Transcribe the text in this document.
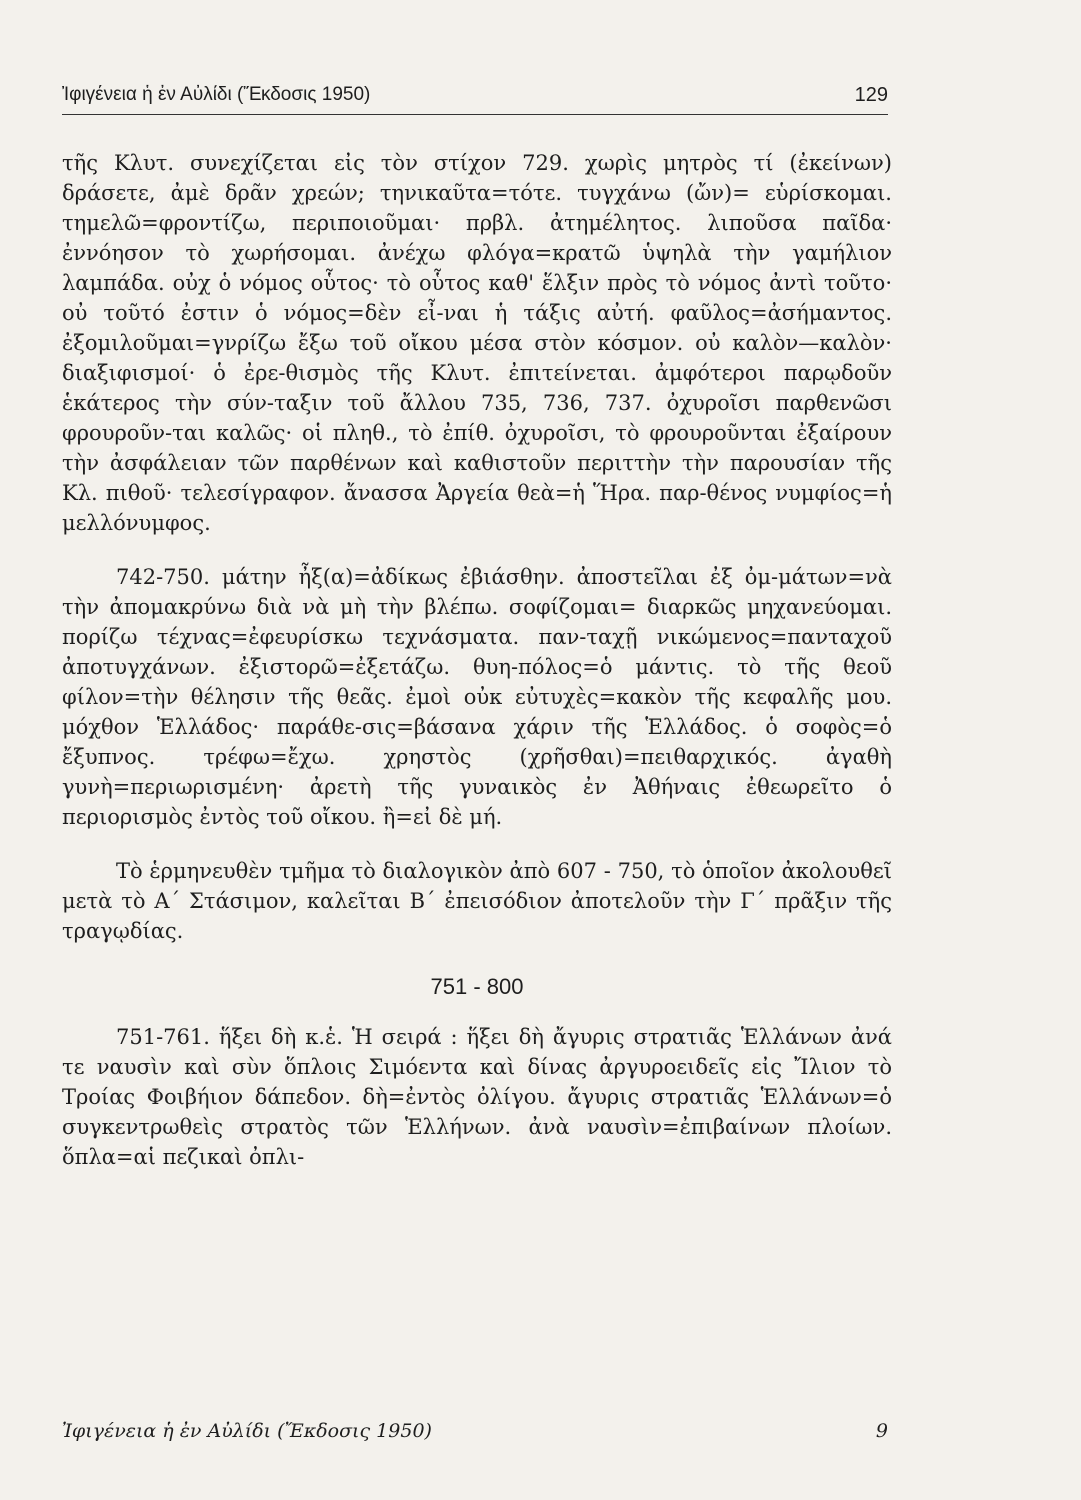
Ἰφιγένεια ἡ ἐν Αὐλίδι (Ἔκδοσις 1950)	129

τῆς Κλυτ. συνεχίζεται εἰς τὸν στίχον 729. χωρὶς μητρὸς τί (ἐκείνων) δράσετε, ἀμὲ δρᾶν χρεών; τηνικαῦτα=τότε. τυγχάνω (ὤν)= εὑρίσκομαι. τημελῶ=φροντίζω, περιποιοῦμαι· πρβλ. ἀτημέλητος. λιποῦσα παῖδα· ἐννόησον τὸ χωρήσομαι. ἀνέχω φλόγα=κρατῶ ὑψηλὰ τὴν γαμήλιον λαμπάδα. οὐχ ὁ νόμος οὗτος· τὸ οὗτος καθ' ἕλξιν πρὸς τὸ νόμος ἀντὶ τοῦτο· οὐ τοῦτό ἐστιν ὁ νόμος=δὲν εἶ-ναι ἡ τάξις αὐτή. φαῦλος=ἀσήμαντος. ἐξομιλοῦμαι=γνρίζω ἔξω τοῦ οἴκου μέσα στὸν κόσμον. οὐ καλὸν—καλὸν· διαξιφισμοί· ὁ ἐρε-θισμὸς τῆς Κλυτ. ἐπιτείνεται. ἀμφότεροι παρῳδοῦν ἑκάτερος τὴν σύν-ταξιν τοῦ ἄλλου 735, 736, 737. ὀχυροῖσι παρθενῶσι φρουροῦν-ται καλῶς· οἱ πληθ., τὸ ἐπίθ. ὀχυροῖσι, τὸ φρουροῦνται ἐξαίρουν τὴν ἀσφάλειαν τῶν παρθένων καὶ καθιστοῦν περιττὴν τὴν παρουσίαν τῆς Κλ. πιθοῦ· τελεσίγραφον. ἄνασσα Ἀργεία θεὰ=ἡ Ἥρα. παρ-θένος νυμφίος=ἡ μελλόνυμφος.

742-750. μάτην ἦξ(α)=ἀδίκως ἐβιάσθην. ἀποστεῖλαι ἐξ ὀμ-μάτων=νὰ τὴν ἀπομακρύνω διὰ νὰ μὴ τὴν βλέπω. σοφίζομαι= διαρκῶς μηχανεύομαι. πορίζω τέχνας=ἐφευρίσκω τεχνάσματα. παν-ταχῇ νικώμενος=πανταχοῦ ἀποτυγχάνων. ἐξιστορῶ=ἐξετάζω. θυη-πόλος=ὁ μάντις. τὸ τῆς θεοῦ φίλον=τὴν θέλησιν τῆς θεᾶς. ἐμοὶ οὐκ εὐτυχὲς=κακὸν τῆς κεφαλῆς μου. μόχθον Ἑλλάδος· παράθε-σις=βάσανα χάριν τῆς Ἑλλάδος. ὁ σοφὸς=ὁ ἔξυπνος. τρέφω=ἔχω. χρηστὸς (χρῆσθαι)=πειθαρχικός. ἀγαθὴ γυνὴ=περιωρισμένη· ἀρετὴ τῆς γυναικὸς ἐν Ἀθήναις ἐθεωρεῖτο ὁ περιορισμὸς ἐντὸς τοῦ οἴκου. ἢ=εἰ δὲ μή.

Τὸ ἑρμηνευθὲν τμῆμα τὸ διαλογικὸν ἀπὸ 607 - 750, τὸ ὁποῖον ἀκολουθεῖ μετὰ τὸ Α΄ Στάσιμον, καλεῖται Β΄ ἐπεισόδιον ἀποτελοῦν τὴν Γ΄ πρᾶξιν τῆς τραγῳδίας.

751 - 800

751-761. ἥξει δὴ κ.ἑ. Ἡ σειρά : ἥξει δὴ ἄγυρις στρατιᾶς Ἑλλάνων ἀνά τε ναυσὶν καὶ σὺν ὅπλοις Σιμόεντα καὶ δίνας ἀργυροειδεῖς εἰς Ἴλιον τὸ Τροίας Φοιβήιον δάπεδον. δὴ=ἐντὸς ὀλίγου. ἄγυρις στρατιᾶς Ἑλλάνων=ὁ συγκεντρωθεὶς στρατὸς τῶν Ἑλλήνων. ἀνὰ ναυσὶν=ἐπιβαίνων πλοίων. ὅπλα=αἱ πεζικαὶ ὀπλι-

Ἰφιγένεια ἡ ἐν Αὐλίδι (Ἔκδοσις 1950)	9
